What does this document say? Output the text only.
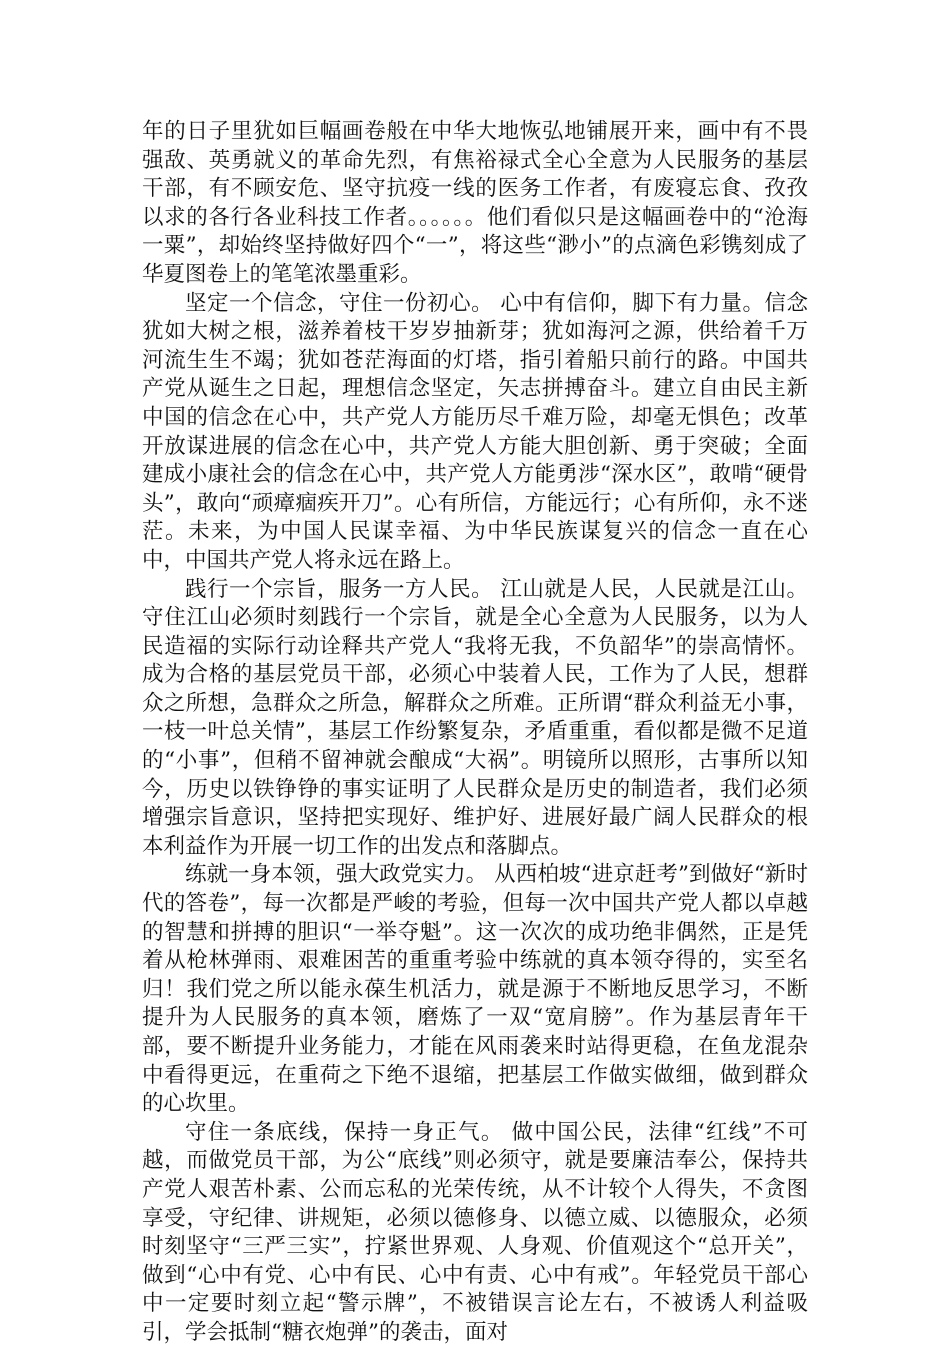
年的日子里犹如巨幅画卷般在中华大地恢弘地铺展开来，画中有不畏强敌、英勇就义的革命先烈，有焦裕禄式全心全意为人民服务的基层干部，有不顾安危、坚守抗疫一线的医务工作者，有废寝忘食、孜孜以求的各行各业科技工作者。。。。。。他们看似只是这幅画卷中的“沧海一粟”，却始终坚持做好四个“一”，将这些“渺小”的点滴色彩镌刻成了华夏图卷上的笔笔浓墨重彩。

坚定一个信念，守住一份初心。 心中有信仰，脚下有力量。信念犹如大树之根，滋养着枝干岁岁抽新芽；犹如海河之源，供给着千万河流生生不竭；犹如苍茫海面的灯塔，指引着船只前行的路。中国共产党从诞生之日起，理想信念坚定，矢志拼搏奋斗。建立自由民主新中国的信念在心中，共产党人方能历尽千难万险，却毫无惧色；改革开放谋进展的信念在心中，共产党人方能大胆创新、勇于突破；全面建成小康社会的信念在心中，共产党人方能勇涉“深水区”，敢啃“硬骨头”，敢向“顽瘴痼疾开刀”。心有所信，方能远行；心有所仰，永不迷茫。未来，为中国人民谋幸福、为中华民族谋复兴的信念一直在心中，中国共产党人将永远在路上。

践行一个宗旨，服务一方人民。 江山就是人民，人民就是江山。守住江山必须时刻践行一个宗旨，就是全心全意为人民服务，以为人民造福的实际行动诠释共产党人“我将无我，不负韶华”的崇高情怀。成为合格的基层党员干部，必须心中装着人民，工作为了人民，想群众之所想，急群众之所急，解群众之所难。正所谓“群众利益无小事，一枝一叶总关情”，基层工作纷繁复杂，矛盾重重，看似都是微不足道的“小事”，但稍不留神就会酿成“大祸”。明镜所以照形，古事所以知今，历史以铁铮铮的事实证明了人民群众是历史的制造者，我们必须增强宗旨意识，坚持把实现好、维护好、进展好最广阔人民群众的根本利益作为开展一切工作的出发点和落脚点。

练就一身本领，强大政党实力。 从西柏坡“进京赶考”到做好“新时代的答卷”，每一次都是严峻的考验，但每一次中国共产党人都以卓越的智慧和拼搏的胆识“一举夺魁”。这一次次的成功绝非偶然，正是凭着从枪林弹雨、艰难困苦的重重考验中练就的真本领夺得的，实至名归！我们党之所以能永葆生机活力，就是源于不断地反思学习，不断提升为人民服务的真本领，磨炼了一双“宽肩膀”。作为基层青年干部，要不断提升业务能力，才能在风雨袭来时站得更稳，在鱼龙混杂中看得更远，在重荷之下绝不退缩，把基层工作做实做细，做到群众的心坎里。

守住一条底线，保持一身正气。 做中国公民，法律“红线”不可越，而做党员干部，为公“底线”则必须守，就是要廉洁奉公，保持共产党人艰苦朴素、公而忘私的光荣传统，从不计较个人得失，不贪图享受，守纪律、讲规矩，必须以德修身、以德立威、以德服众，必须时刻坚守“三严三实”，拧紧世界观、人身观、价值观这个“总开关”，做到“心中有党、心中有民、心中有责、心中有戒”。年轻党员干部心中一定要时刻立起“警示牌”，不被错误言论左右，不被诱人利益吸引，学会抵制“糖衣炮弹”的袭击，面对
